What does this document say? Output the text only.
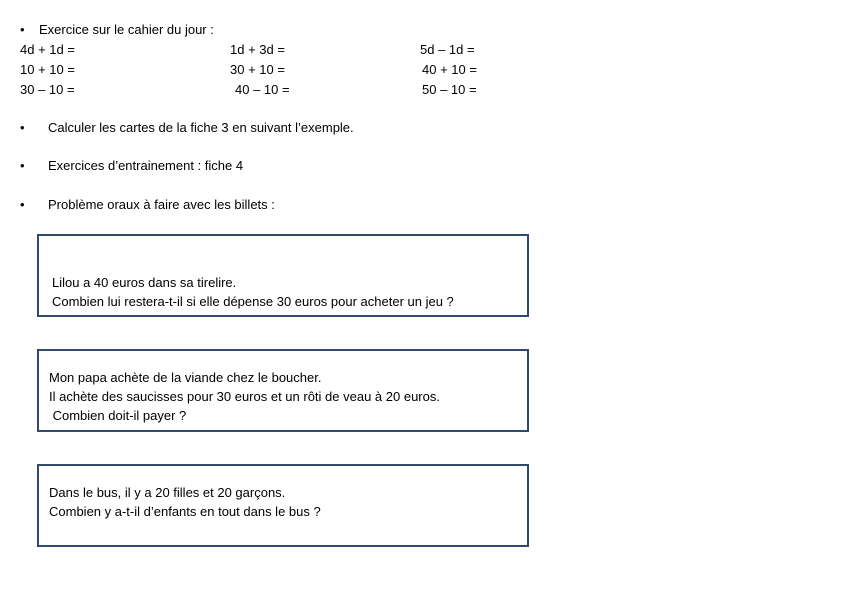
• Exercice sur le cahier du jour :
4d + 1d =
10 + 10 =
30 – 10 =
1d + 3d =
30 + 10 =
40 – 10 =
5d – 1d =
40 + 10 =
50 – 10 =
• Calculer les cartes de la fiche 3 en suivant l’exemple.
• Exercices d’entrainement : fiche 4
• Problème oraux à faire avec les billets :
Lilou a 40 euros dans sa tirelire.
Combien lui restera-t-il si elle dépense 30 euros pour acheter un jeu ?
Mon papa achète de la viande chez le boucher.
Il achète des saucisses pour 30 euros et un rôti de veau à 20 euros.
Combien doit-il payer ?
Dans le bus, il y a 20 filles et 20 garçons.
Combien y a-t-il d’enfants en tout dans le bus ?
